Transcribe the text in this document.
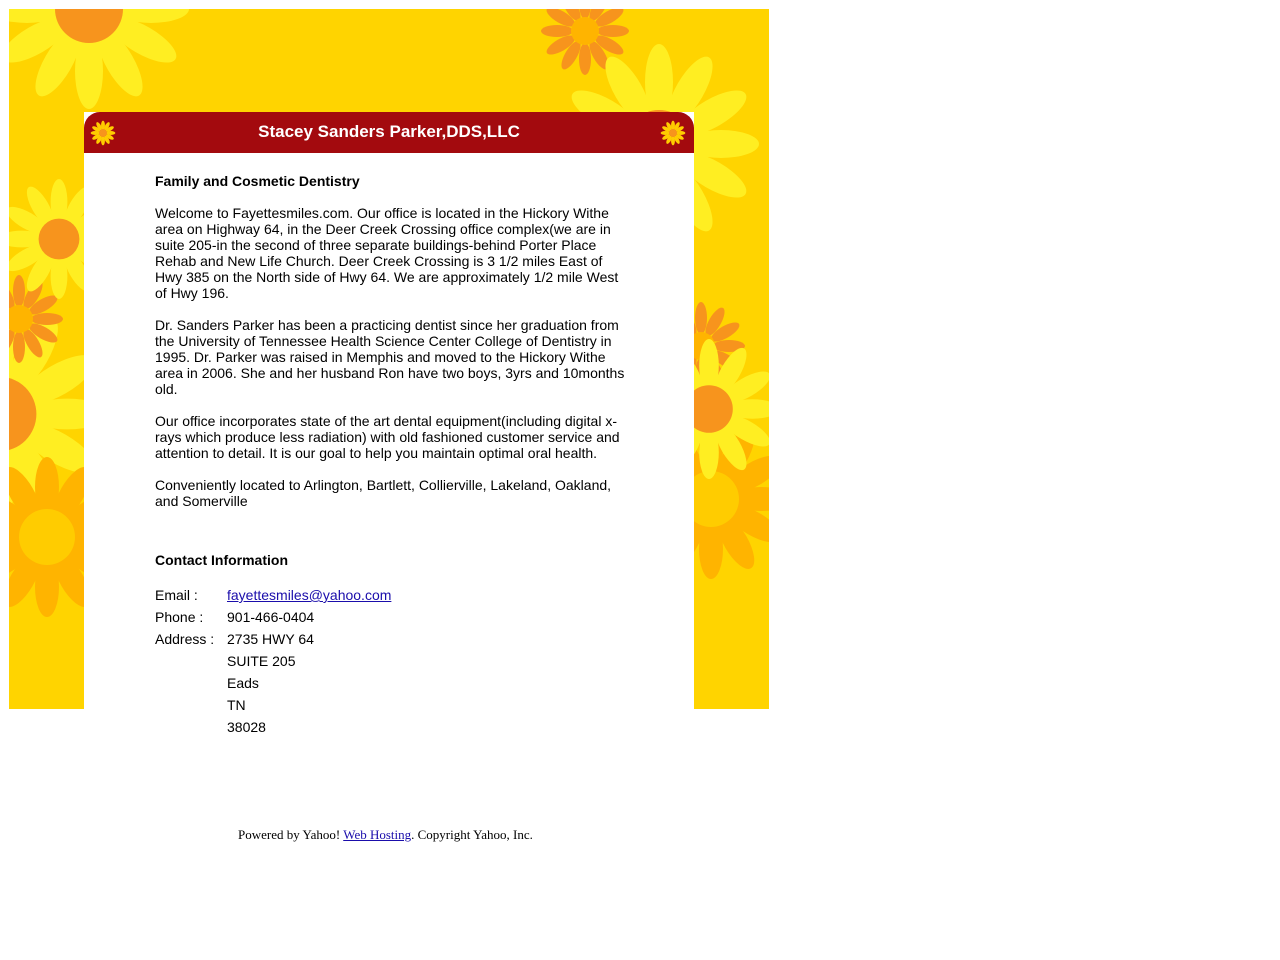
Stacey Sanders Parker,DDS,LLC
Family and Cosmetic Dentistry

Welcome to Fayettesmiles.com. Our office is located in the Hickory Withe area on Highway 64, in the Deer Creek Crossing office complex(we are in suite 205-in the second of three separate buildings-behind Porter Place Rehab and New Life Church. Deer Creek Crossing is 3 1/2 miles East of Hwy 385 on the North side of Hwy 64. We are approximately 1/2 mile West of Hwy 196.

Dr. Sanders Parker has been a practicing dentist since her graduation from the University of Tennessee Health Science Center College of Dentistry in 1995. Dr. Parker was raised in Memphis and moved to the Hickory Withe area in 2006. She and her husband Ron have two boys, 3yrs and 10months old.

Our office incorporates state of the art dental equipment(including digital x-rays which produce less radiation) with old fashioned customer service and attention to detail. It is our goal to help you maintain optimal oral health.

Conveniently located to Arlington, Bartlett, Collierville, Lakeland, Oakland, and Somerville

Contact Information
Email :	fayettesmiles@yahoo.com
Phone :	901-466-0404
Address : 2735 HWY 64
SUITE 205
Eads
TN
38028
Powered by Yahoo! Web Hosting. Copyright Yahoo, Inc.
